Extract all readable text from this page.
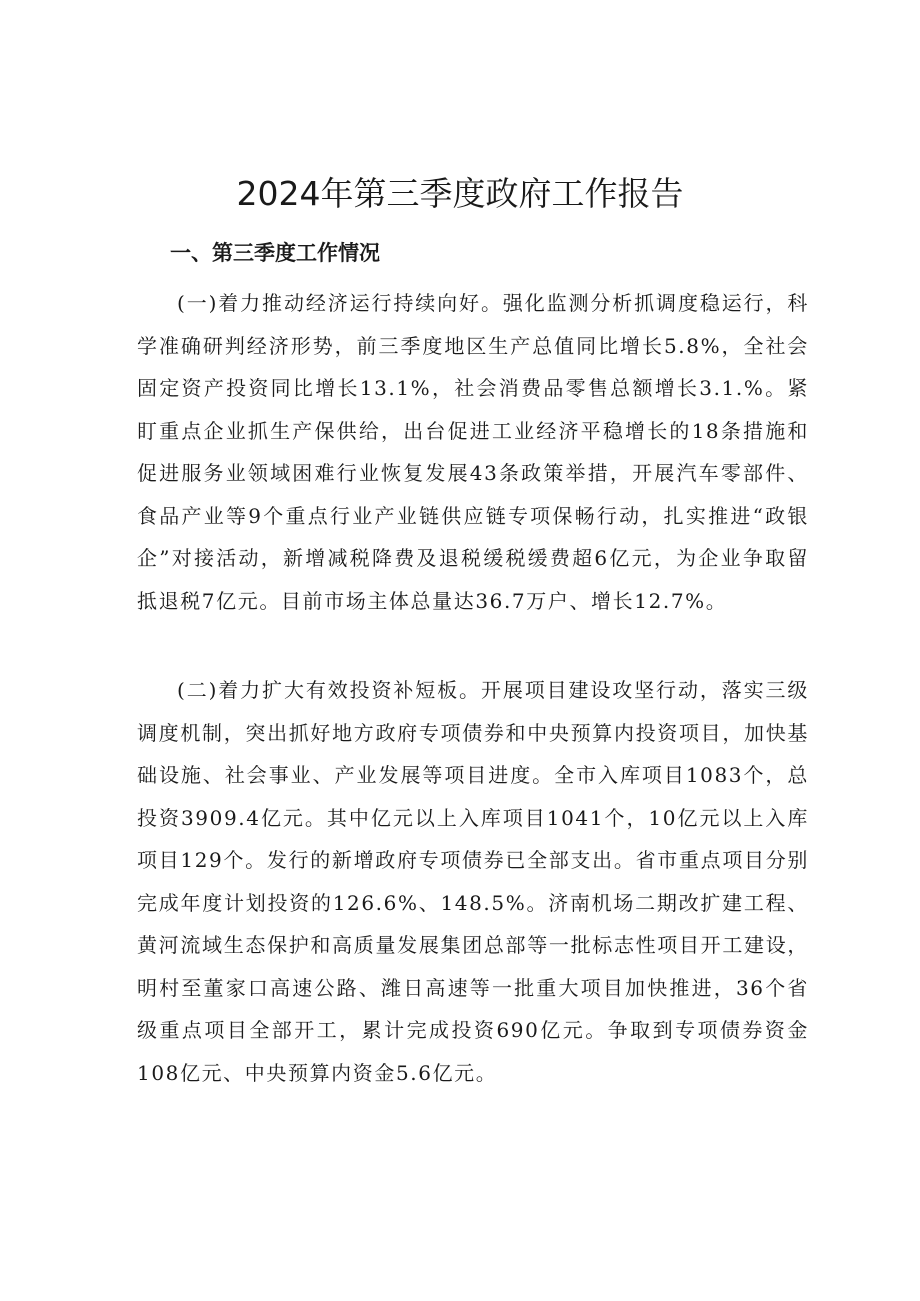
2024年第三季度政府工作报告
一、第三季度工作情况

(一)着力推动经济运行持续向好。强化监测分析抓调度稳运行，科学准确研判经济形势，前三季度地区生产总值同比增长5.8%，全社会固定资产投资同比增长13.1%，社会消费品零售总额增长3.1.%。紧盯重点企业抓生产保供给，出台促进工业经济平稳增长的18条措施和促进服务业领域困难行业恢复发展43条政策举措，开展汽车零部件、食品产业等9个重点行业产业链供应链专项保畅行动，扎实推进“政银企”对接活动，新增减税降费及退税缓税缓费超6亿元，为企业争取留抵退税7亿元。目前市场主体总量达36.7万户、增长12.7%。

(二)着力扩大有效投资补短板。开展项目建设攻坚行动，落实三级调度机制，突出抓好地方政府专项债券和中央预算内投资项目，加快基础设施、社会事业、产业发展等项目进度。全市入库项目1083个，总投资3909.4亿元。其中亿元以上入库项目1041个，10亿元以上入库项目129个。发行的新增政府专项债券已全部支出。省市重点项目分别完成年度计划投资的126.6%、148.5%。济南机场二期改扩建工程、黄河流域生态保护和高质量发展集团总部等一批标志性项目开工建设，明村至董家口高速公路、潍日高速等一批重大项目加快推进，36个省级重点项目全部开工，累计完成投资690亿元。争取到专项债券资金108亿元、中央预算内资金5.6亿元。
